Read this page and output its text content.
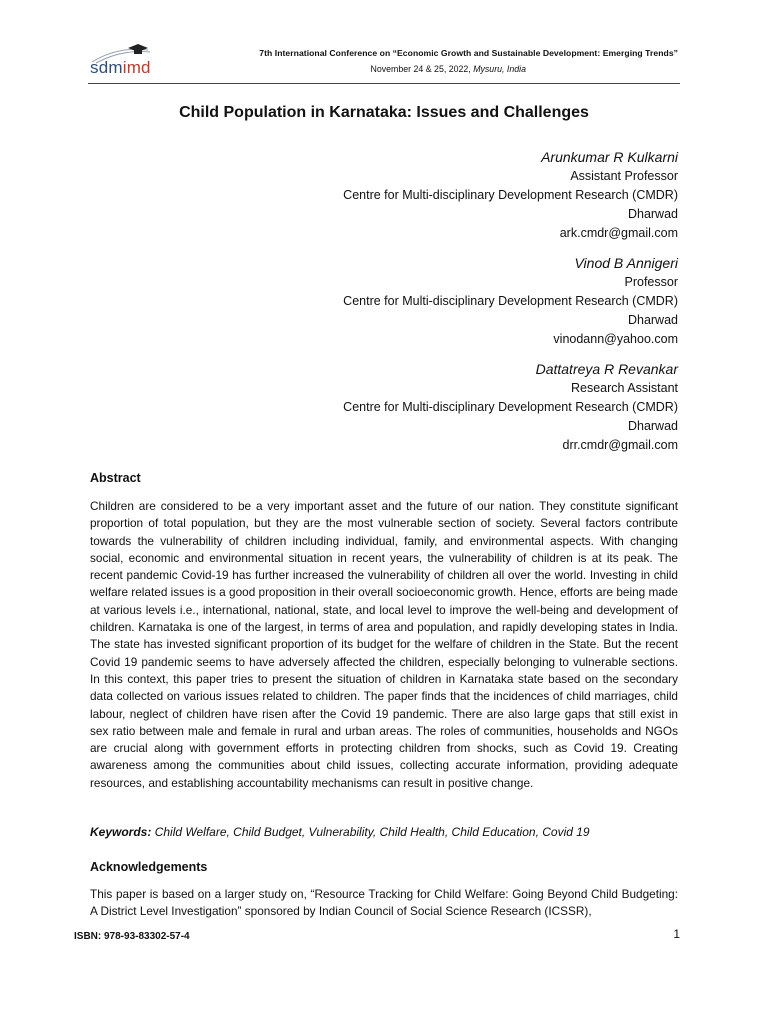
sdmimd
7th International Conference on “Economic Growth and Sustainable Development: Emerging Trends”
November 24 & 25, 2022, Mysuru, India
Child Population in Karnataka: Issues and Challenges
Arunkumar R Kulkarni
Assistant Professor
Centre for Multi-disciplinary Development Research (CMDR)
Dharwad
ark.cmdr@gmail.com
Vinod B Annigeri
Professor
Centre for Multi-disciplinary Development Research (CMDR)
Dharwad
vinodann@yahoo.com
Dattatreya R Revankar
Research Assistant
Centre for Multi-disciplinary Development Research (CMDR)
Dharwad
drr.cmdr@gmail.com
Abstract
Children are considered to be a very important asset and the future of our nation. They constitute significant proportion of total population, but they are the most vulnerable section of society. Several factors contribute towards the vulnerability of children including individual, family, and environmental aspects. With changing social, economic and environmental situation in recent years, the vulnerability of children is at its peak. The recent pandemic Covid-19 has further increased the vulnerability of children all over the world. Investing in child welfare related issues is a good proposition in their overall socioeconomic growth. Hence, efforts are being made at various levels i.e., international, national, state, and local level to improve the well-being and development of children. Karnataka is one of the largest, in terms of area and population, and rapidly developing states in India. The state has invested significant proportion of its budget for the welfare of children in the State. But the recent Covid 19 pandemic seems to have adversely affected the children, especially belonging to vulnerable sections. In this context, this paper tries to present the situation of children in Karnataka state based on the secondary data collected on various issues related to children. The paper finds that the incidences of child marriages, child labour, neglect of children have risen after the Covid 19 pandemic. There are also large gaps that still exist in sex ratio between male and female in rural and urban areas. The roles of communities, households and NGOs are crucial along with government efforts in protecting children from shocks, such as Covid 19. Creating awareness among the communities about child issues, collecting accurate information, providing adequate resources, and establishing accountability mechanisms can result in positive change.
Keywords: Child Welfare, Child Budget, Vulnerability, Child Health, Child Education, Covid 19
Acknowledgements
This paper is based on a larger study on, “Resource Tracking for Child Welfare: Going Beyond Child Budgeting: A District Level Investigation” sponsored by Indian Council of Social Science Research (ICSSR),
ISBN: 978-93-83302-57-4	1
